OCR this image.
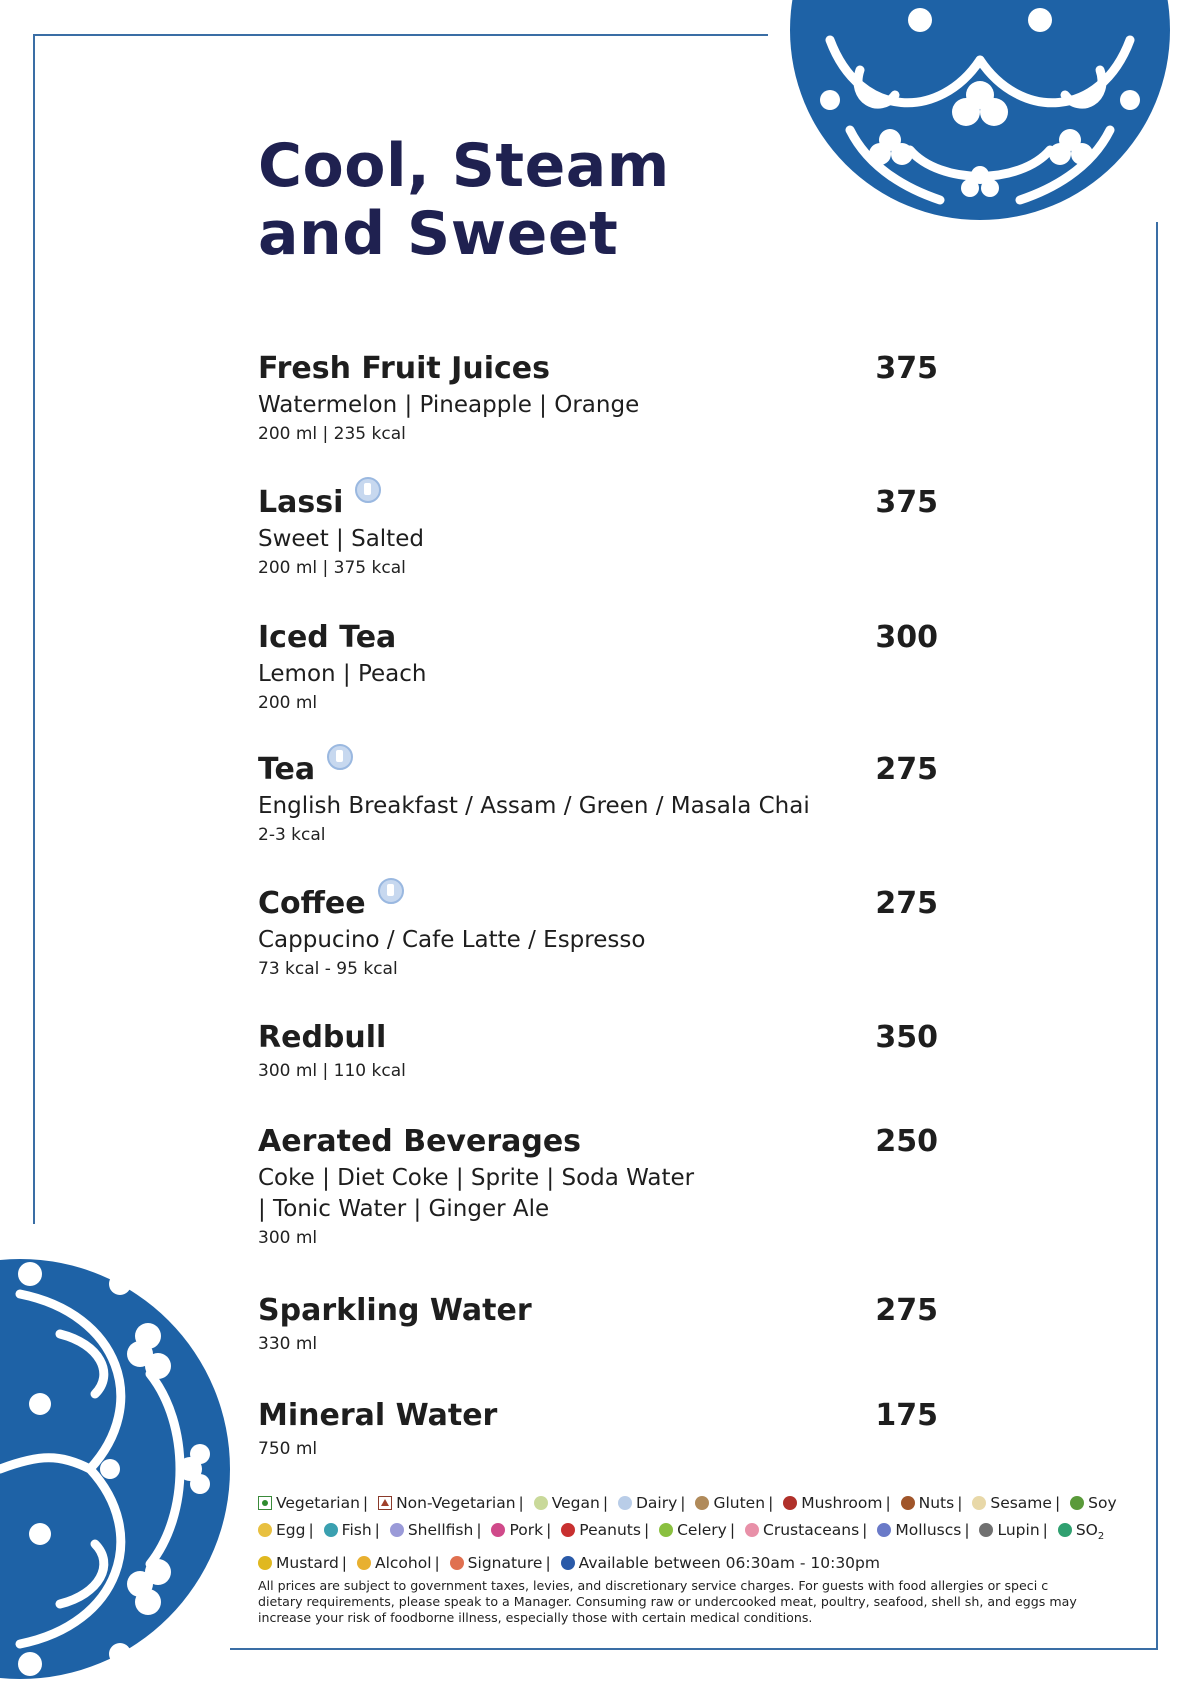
Cool, Steam
and Sweet
Fresh Fruit Juices	375
Watermelon | Pineapple | Orange
200 ml | 235 kcal
Lassi	375
Sweet | Salted
200 ml | 375 kcal
Iced Tea	300
Lemon | Peach
200 ml
Tea	275
English Breakfast / Assam / Green / Masala Chai
2-3 kcal
Coffee	275
Cappucino / Cafe Latte / Espresso
73 kcal - 95 kcal
Redbull	350
300 ml | 110 kcal
Aerated Beverages	250
Coke | Diet Coke | Sprite | Soda Water | Tonic Water | Ginger Ale
300 ml
Sparkling Water	275
330 ml
Mineral Water	175
750 ml
Vegetarian | Non-Vegetarian | Vegan | Dairy | Gluten | Mushroom | Nuts | Sesame | Soy
Egg | Fish | Shellfish | Pork | Peanuts | Celery | Crustaceans | Molluscs | Lupin | $SO_2$
Mustard | Alcohol | Signature | Available between 06:30am - 10:30pm

All prices are subject to government taxes, levies, and discretionary service charges. For guests with food allergies or speci c dietary requirements, please speak to a Manager. Consuming raw or undercooked meat, poultry, seafood, shell sh, and eggs may increase your risk of foodborne illness, especially those with certain medical conditions.
